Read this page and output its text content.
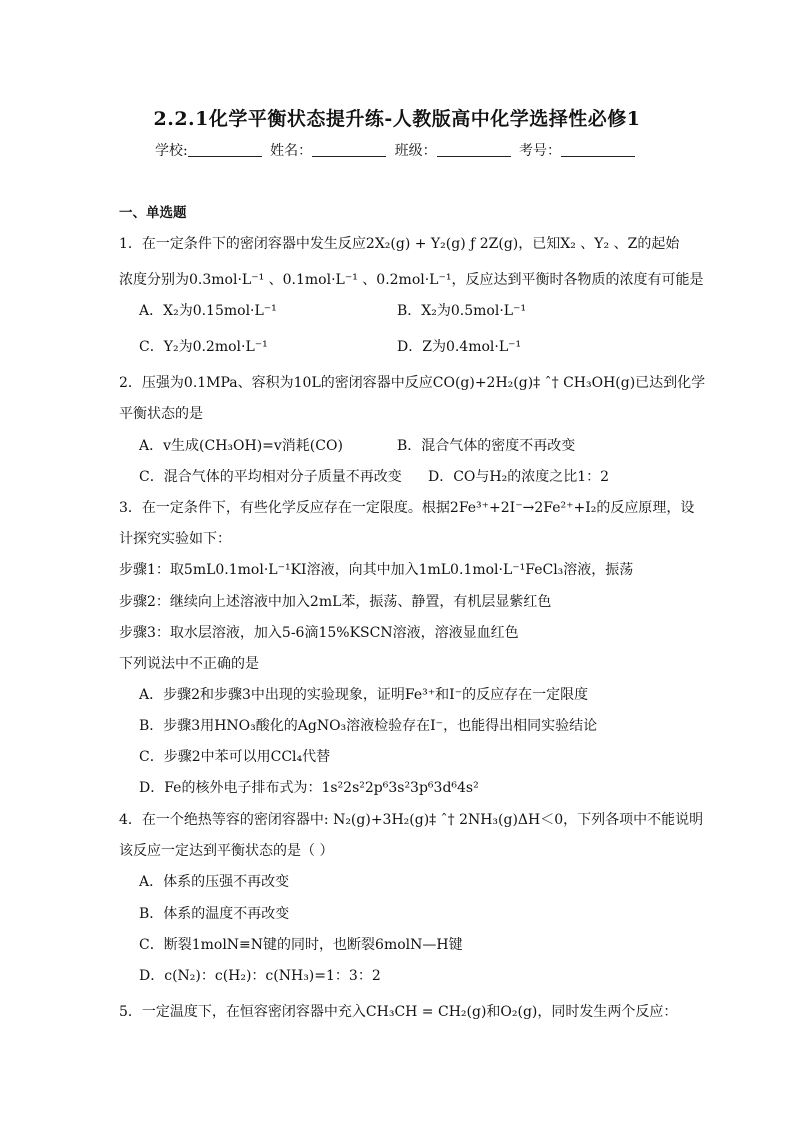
2.2.1化学平衡状态提升练-人教版高中化学选择性必修1
学校:	姓名：	班级：	考号：
一、单选题
1．在一定条件下的密闭容器中发生反应2X₂(g) + Y₂(g) ƒ 2Z(g)，已知X₂ 、Y₂ 、Z的起始
浓度分别为0.3mol·L⁻¹ 、0.1mol·L⁻¹ 、0.2mol·L⁻¹，反应达到平衡时各物质的浓度有可能是
A．X₂为0.15mol·L⁻¹	B．X₂为0.5mol·L⁻¹
C．Y₂为0.2mol·L⁻¹	D．Z为0.4mol·L⁻¹
2．压强为0.1MPa、容积为10L的密闭容器中反应CO(g)+2H₂(g)‡ ˆ† CH₃OH(g)已达到化学
平衡状态的是
A．v生成(CH₃OH)=v消耗(CO)	B．混合气体的密度不再改变
C．混合气体的平均相对分子质量不再改变 D．CO与H₂的浓度之比1：2
3．在一定条件下，有些化学反应存在一定限度。根据2Fe³⁺+2I⁻→2Fe²⁺+I₂的反应原理，设
计探究实验如下：
步骤1：取5mL0.1mol·L⁻¹KI溶液，向其中加入1mL0.1mol·L⁻¹FeCl₃溶液，振荡
步骤2：继续向上述溶液中加入2mL苯，振荡、静置，有机层显紫红色
步骤3：取水层溶液，加入5-6滴15%KSCN溶液，溶液显血红色
下列说法中不正确的是
A．步骤2和步骤3中出现的实验现象，证明Fe³⁺和I⁻的反应存在一定限度
B．步骤3用HNO₃酸化的AgNO₃溶液检验存在I⁻，也能得出相同实验结论
C．步骤2中苯可以用CCl₄代替
D．Fe的核外电子排布式为：1s²2s²2p⁶3s²3p⁶3d⁶4s²
4．在一个绝热等容的密闭容器中: N₂(g)+3H₂(g)‡ ˆ† 2NH₃(g)ΔH＜0，下列各项中不能说明
该反应一定达到平衡状态的是（ ）
A．体系的压强不再改变
B．体系的温度不再改变
C．断裂1molN≡N键的同时，也断裂6molN—H键
D．c(N₂)：c(H₂)：c(NH₃)=1：3：2
5．一定温度下，在恒容密闭容器中充入CH₃CH = CH₂(g)和O₂(g)，同时发生两个反应：
